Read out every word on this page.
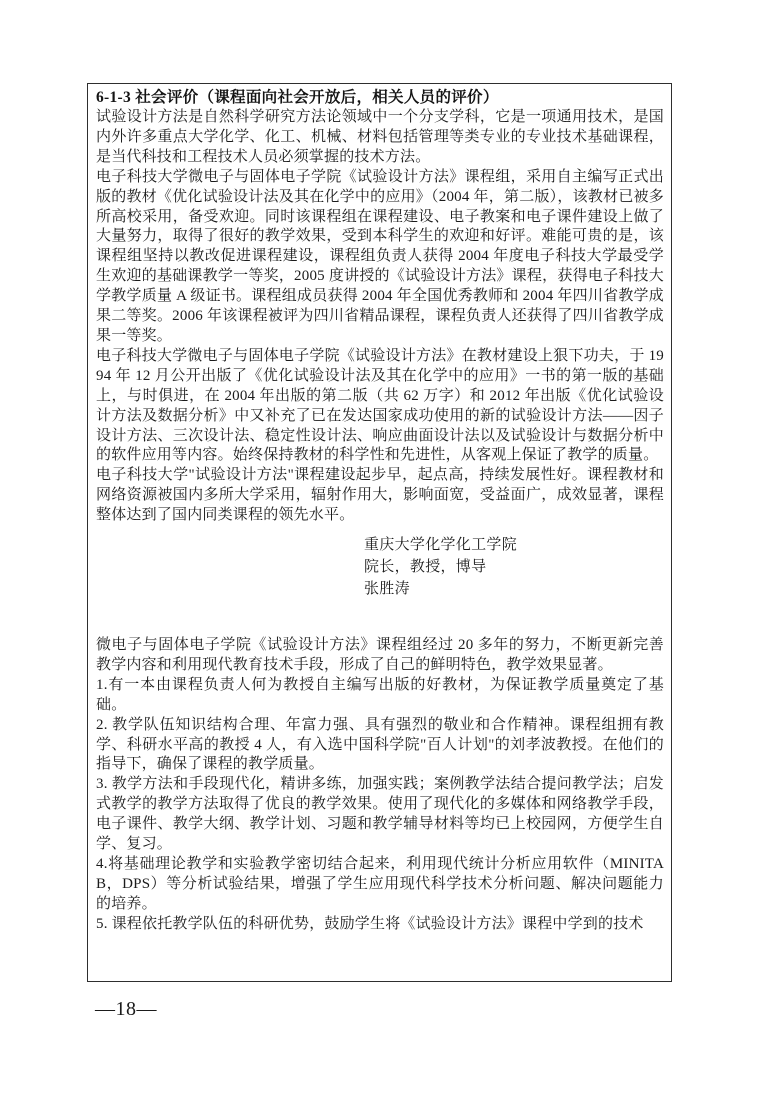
6-1-3 社会评价（课程面向社会开放后，相关人员的评价）

试验设计方法是自然科学研究方法论领域中一个分支学科，它是一项通用技术，是国内外许多重点大学化学、化工、机械、材料包括管理等类专业的专业技术基础课程，是当代科技和工程技术人员必须掌握的技术方法。

电子科技大学微电子与固体电子学院《试验设计方法》课程组，采用自主编写正式出版的教材《优化试验设计法及其在化学中的应用》（2004 年，第二版），该教材已被多所高校采用，备受欢迎。同时该课程组在课程建设、电子教案和电子课件建设上做了大量努力，取得了很好的教学效果，受到本科学生的欢迎和好评。难能可贵的是，该课程组坚持以教改促进课程建设，课程组负责人获得 2004 年度电子科技大学最受学生欢迎的基础课教学一等奖，2005 度讲授的《试验设计方法》课程，获得电子科技大学教学质量 A 级证书。课程组成员获得 2004 年全国优秀教师和 2004 年四川省教学成果二等奖。2006 年该课程被评为四川省精品课程，课程负责人还获得了四川省教学成果一等奖。

电子科技大学微电子与固体电子学院《试验设计方法》在教材建设上狠下功夫，于 1994 年 12 月公开出版了《优化试验设计法及其在化学中的应用》一书的第一版的基础上，与时俱进，在 2004 年出版的第二版（共 62 万字）和 2012 年出版《优化试验设计方法及数据分析》中又补充了已在发达国家成功使用的新的试验设计方法——因子设计方法、三次设计法、稳定性设计法、响应曲面设计法以及试验设计与数据分析中的软件应用等内容。始终保持教材的科学性和先进性，从客观上保证了教学的质量。

电子科技大学"试验设计方法"课程建设起步早，起点高，持续发展性好。课程教材和网络资源被国内多所大学采用，辐射作用大，影响面宽，受益面广，成效显著，课程整体达到了国内同类课程的领先水平。

重庆大学化学化工学院
院长，教授，博导
张胜涛

微电子与固体电子学院《试验设计方法》课程组经过 20 多年的努力，不断更新完善教学内容和利用现代教育技术手段，形成了自己的鲜明特色，教学效果显著。

1.有一本由课程负责人何为教授自主编写出版的好教材，为保证教学质量奠定了基础。

2. 教学队伍知识结构合理、年富力强、具有强烈的敬业和合作精神。课程组拥有教学、科研水平高的教授 4 人，有入选中国科学院"百人计划"的刘孝波教授。在他们的指导下，确保了课程的教学质量。

3. 教学方法和手段现代化，精讲多练，加强实践；案例教学法结合提问教学法；启发式教学的教学方法取得了优良的教学效果。使用了现代化的多媒体和网络教学手段，电子课件、教学大纲、教学计划、习题和教学辅导材料等均已上校园网，方便学生自学、复习。

4.将基础理论教学和实验教学密切结合起来，利用现代统计分析应用软件（MINITAB，DPS）等分析试验结果，增强了学生应用现代科学技术分析问题、解决问题能力的培养。

5. 课程依托教学队伍的科研优势，鼓励学生将《试验设计方法》课程中学到的技术

—18—
